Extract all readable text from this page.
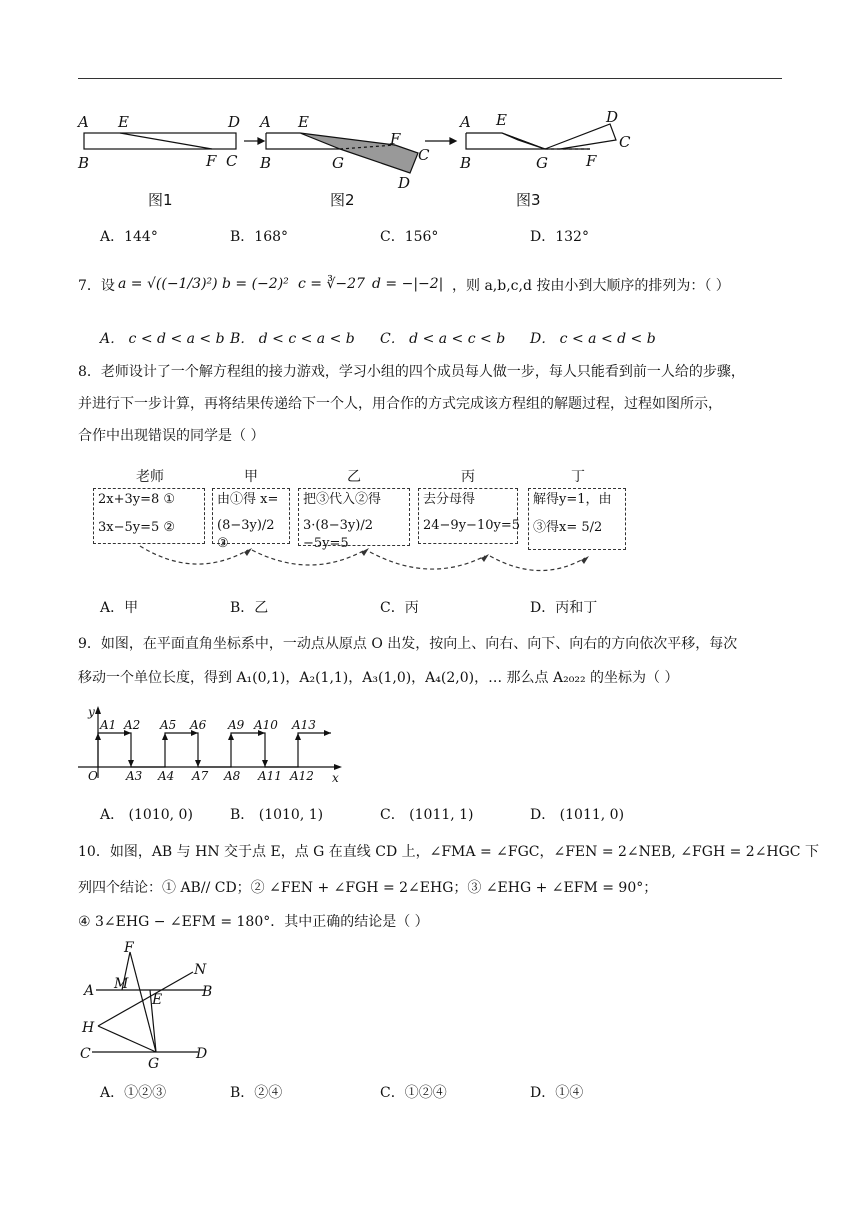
A E	D
B	F C
A E
B	G
F
C
D
A E
B	G	F
D
C
图1	图2	图3
A．144°	B．168°	C．156°	D．132°
7．设 a = √((−1/3)²) b = (−2)² c = ∛−27 d = −|−2| ，则 a,b,c,d 按由小到大顺序的排列为：（ ）
A． c < d < a < b B． d < c < a < b C． d < a < c < b D． c < a < d < b
8．老师设计了一个解方程组的接力游戏，学习小组的四个成员每人做一步，每人只能看到前一人给的步骤，
并进行下一步计算，再将结果传递给下一个人，用合作的方式完成该方程组的解题过程，过程如图所示，
合作中出现错误的同学是（ ）
老师
2x+3y=8 ①
3x−5y=5 ②
甲
由①得 x=
(8−3y)/2 ③
乙
把③代入②得
3·(8−3y)/2 −5y=5
丙
去分母得
24−9y−10y=5
丁
解得y=1，由
③得x= 5/2
A．甲	B．乙	C．丙	D．丙和丁
9．如图，在平面直角坐标系中，一动点从原点 O 出发，按向上、向右、向下、向右的方向依次平移，每次
移动一个单位长度，得到 A₁(0,1)，A₂(1,1)，A₃(1,0)，A₄(2,0)，… 那么点 A₂₀₂₂ 的坐标为（ ）
y
x
O
A1 A2
A3 A4
A5 A6
A7 A8
A9 A10
A11 A12
A13
A． (1010, 0)	B． (1010, 1)	C． (1011, 1)	D． (1011, 0)
10．如图，AB 与 HN 交于点 E，点 G 在直线 CD 上，∠FMA = ∠FGC，∠FEN = 2∠NEB, ∠FGH = 2∠HGC 下
列四个结论：① AB// CD；② ∠FEN + ∠FGH = 2∠EHG；③ ∠EHG + ∠EFM = 90°；
④ 3∠EHG − ∠EFM = 180°．其中正确的结论是（ ）
F
M
N
A
E	B
H
C
G
D
A．①②③	B．②④	C．①②④	D．①④
